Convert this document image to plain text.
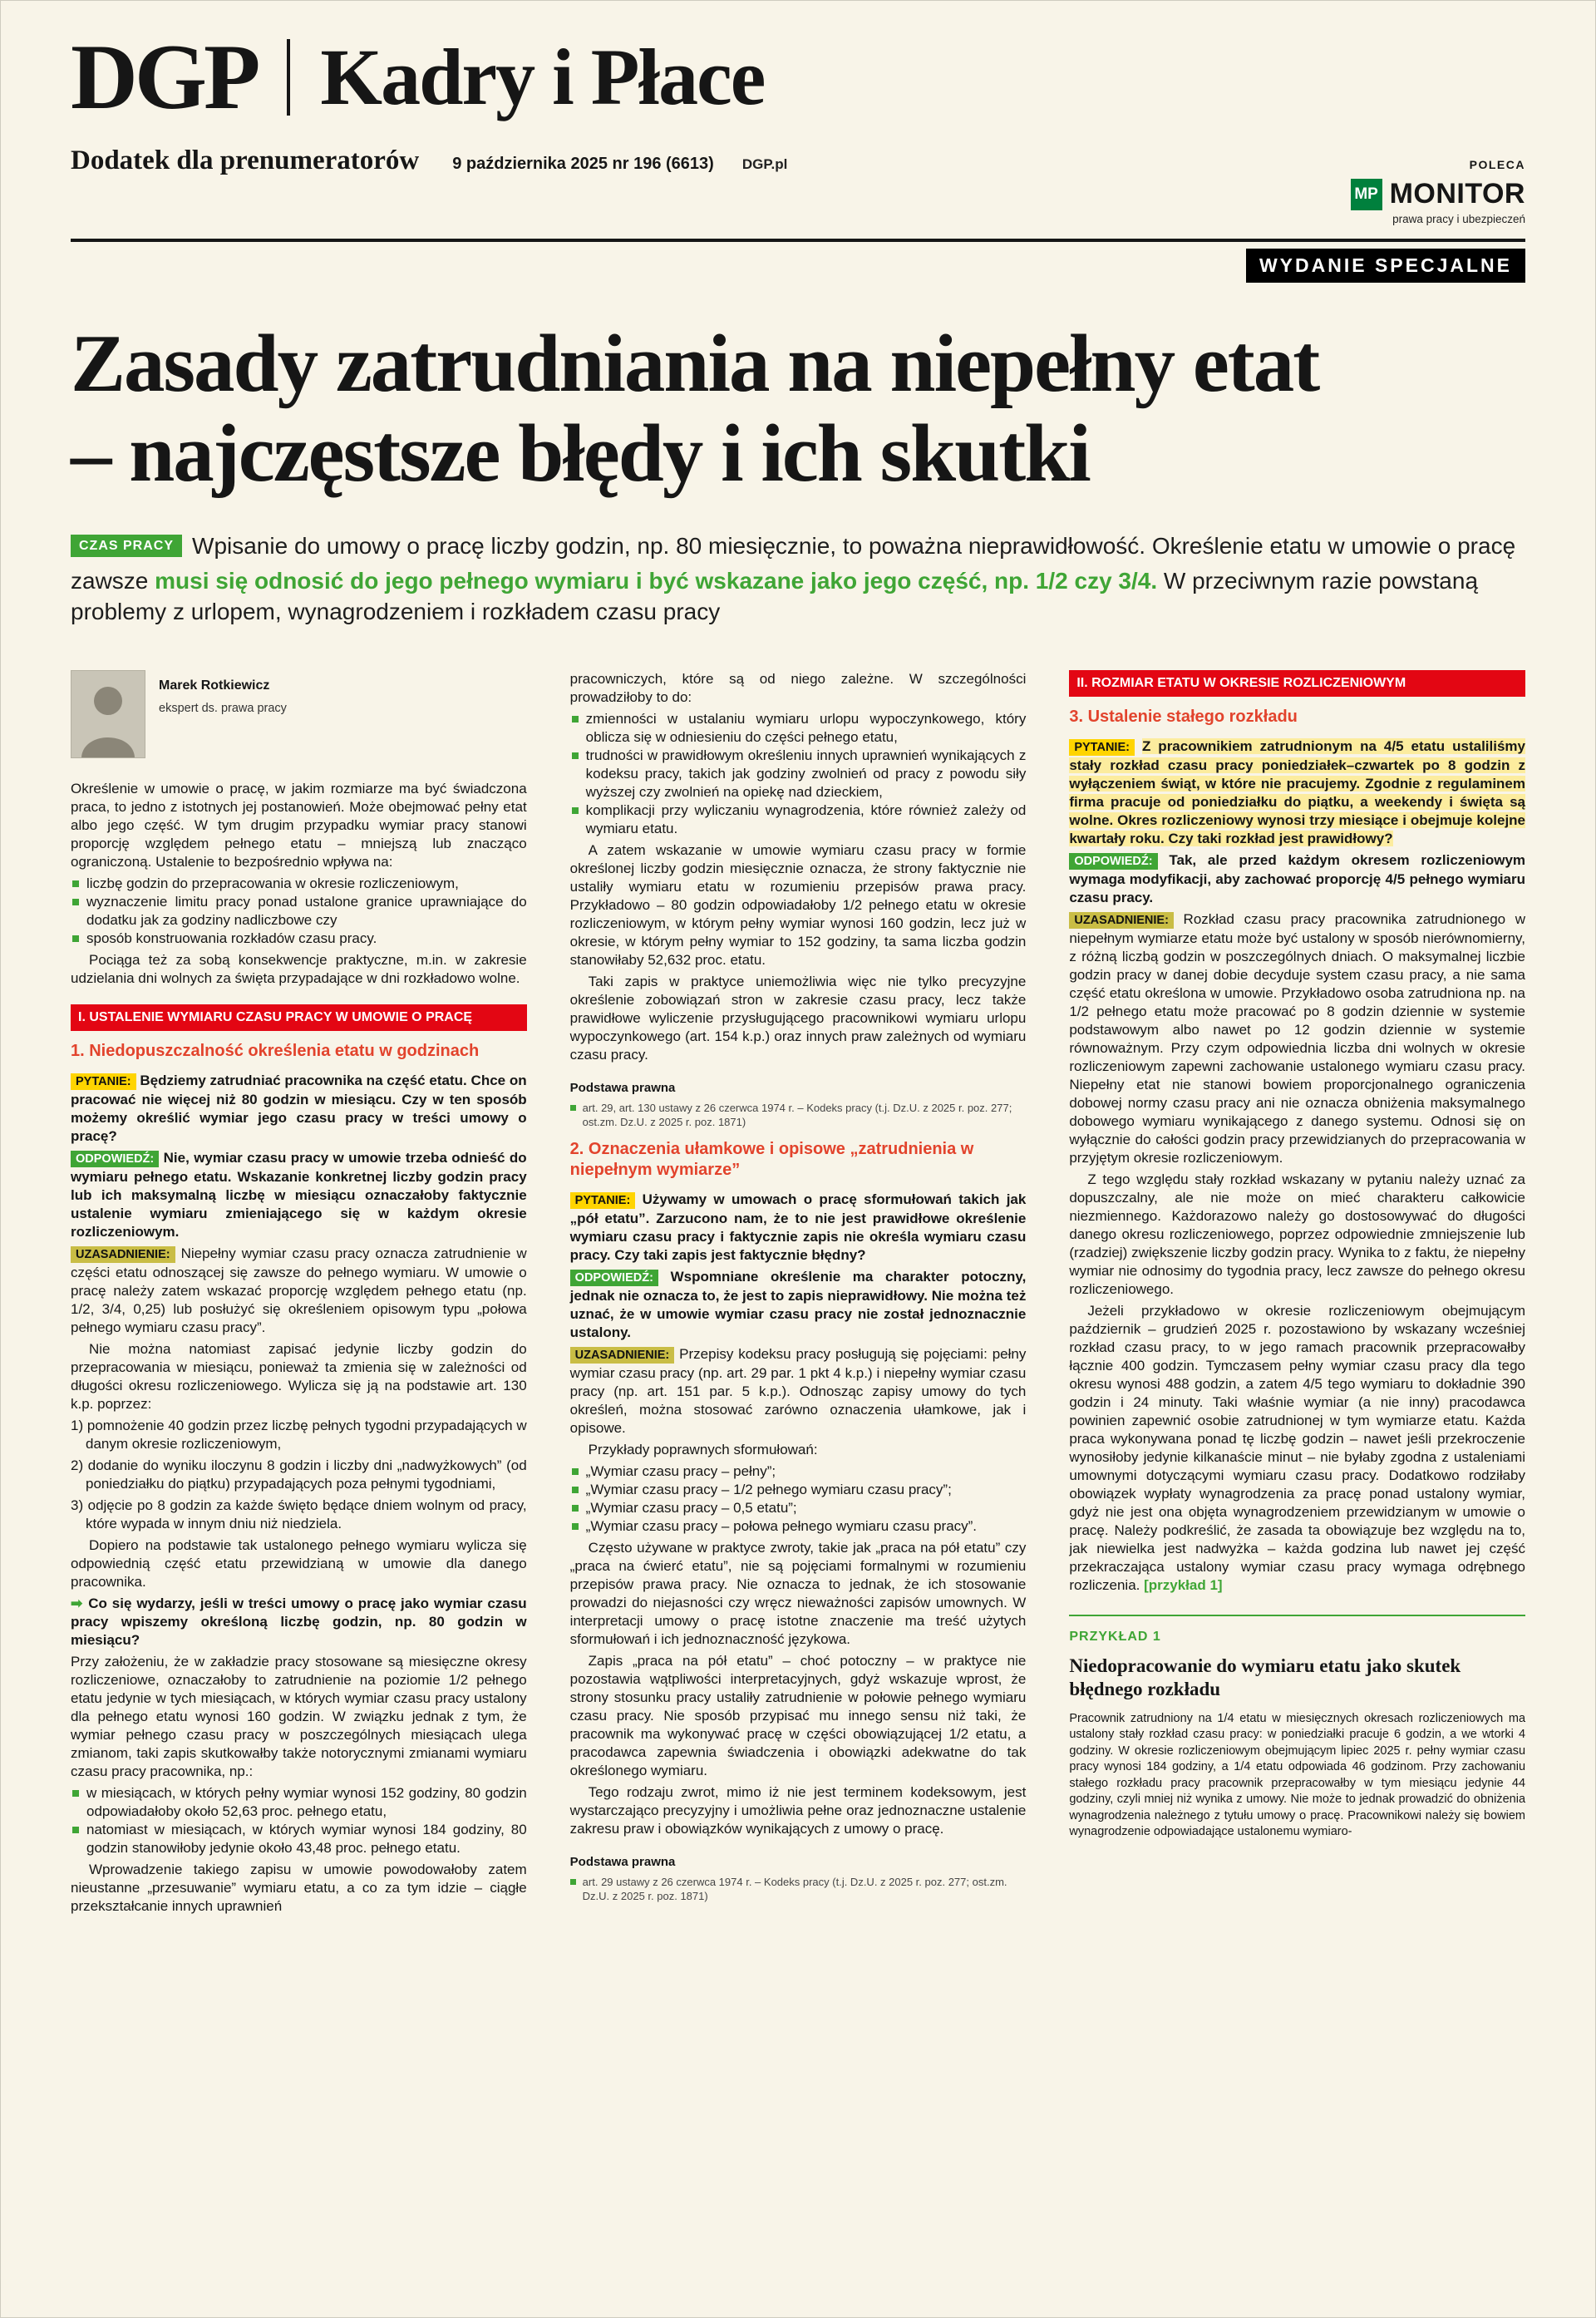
DGP Kadry i Płace
Dodatek dla prenumeratorów 9 października 2025 nr 196 (6613) DGP.pl	POLECA
MP MONITOR
prawa pracy i ubezpieczeń
WYDANIE SPECJALNE
Zasady zatrudniania na niepełny etat
– najczęstsze błędy i ich skutki
CZAS PRACY Wpisanie do umowy o pracę liczby godzin, np. 80 miesięcznie, to poważna nieprawidłowość. Określenie etatu w umowie o pracę zawsze musi się odnosić do jego pełnego wymiaru i być wskazane jako jego część, np. 1/2 czy 3/4. W przeciwnym razie powstaną problemy z urlopem, wynagrodzeniem i rozkładem czasu pracy
Marek Rotkiewicz
ekspert ds. prawa pracy

Określenie w umowie o pracę, w jakim rozmiarze ma być świadczona praca, to jedno z istotnych jej postanowień. Może obejmować pełny etat albo jego część. W tym drugim przypadku wymiar pracy stanowi proporcję względem pełnego etatu – mniejszą lub znacząco ograniczoną. Ustalenie to bezpośrednio wpływa na:

liczbę godzin do przepracowania w okresie rozliczeniowym,
wyznaczenie limitu pracy ponad ustalone granice uprawniające do dodatku jak za godziny nadliczbowe czy
sposób konstruowania rozkładów czasu pracy.

Pociąga też za sobą konsekwencje praktyczne, m.in. w zakresie udzielania dni wolnych za święta przypadające w dni rozkładowo wolne.

I. USTALENIE WYMIARU CZASU PRACY W UMOWIE O PRACĘ
1. Niedopuszczalność określenia etatu w godzinach

PYTANIE: Będziemy zatrudniać pracownika na część etatu. Chce on pracować nie więcej niż 80 godzin w miesiącu. Czy w ten sposób możemy określić wymiar jego czasu pracy w treści umowy o pracę?

ODPOWIEDŹ: Nie, wymiar czasu pracy w umowie trzeba odnieść do wymiaru pełnego etatu. Wskazanie konkretnej liczby godzin pracy lub ich maksymalną liczbę w miesiącu oznaczałoby faktycznie ustalenie wymiaru zmieniającego się w każdym okresie rozliczeniowym.

UZASADNIENIE: Niepełny wymiar czasu pracy oznacza zatrudnienie w części etatu odnoszącej się zawsze do pełnego wymiaru. W umowie o pracę należy zatem wskazać proporcję względem pełnego etatu (np. 1/2, 3/4, 0,25) lub posłużyć się określeniem opisowym typu „połowa pełnego wymiaru czasu pracy”.

Nie można natomiast zapisać jedynie liczby godzin do przepracowania w miesiącu, ponieważ ta zmienia się w zależności od długości okresu rozliczeniowego. Wylicza się ją na podstawie art. 130 k.p. poprzez:

1) pomnożenie 40 godzin przez liczbę pełnych tygodni przypadających w danym okresie rozliczeniowym,

2) dodanie do wyniku iloczynu 8 godzin i liczby dni „nadwyżkowych” (od poniedziałku do piątku) przypadających poza pełnymi tygodniami,

3) odjęcie po 8 godzin za każde święto będące dniem wolnym od pracy, które wypada w innym dniu niż niedziela.

Dopiero na podstawie tak ustalonego pełnego wymiaru wylicza się odpowiednią część etatu przewidzianą w umowie dla danego pracownika.

➡ Co się wydarzy, jeśli w treści umowy o pracę jako wymiar czasu pracy wpiszemy określoną liczbę godzin, np. 80 godzin w miesiącu?

Przy założeniu, że w zakładzie pracy stosowane są miesięczne okresy rozliczeniowe, oznaczałoby to zatrudnienie na poziomie 1/2 pełnego etatu jedynie w tych miesiącach, w których wymiar czasu pracy ustalony dla pełnego etatu wynosi 160 godzin. W związku jednak z tym, że wymiar pełnego czasu pracy w poszczególnych miesiącach ulega zmianom, taki zapis skutkowałby także notorycznymi zmianami wymiaru czasu pracy pracownika, np.:

w miesiącach, w których pełny wymiar wynosi 152 godziny, 80 godzin odpowiadałoby około 52,63 proc. pełnego etatu,
natomiast w miesiącach, w których wymiar wynosi 184 godziny, 80 godzin stanowiłoby jedynie około 43,48 proc. pełnego etatu.

Wprowadzenie takiego zapisu w umowie powodowałoby zatem nieustanne „przesuwanie” wymiaru etatu, a co za tym idzie – ciągłe przekształcanie innych uprawnień

pracowniczych, które są od niego zależne. W szczególności prowadziłoby to do:

zmienności w ustalaniu wymiaru urlopu wypoczynkowego, który oblicza się w odniesieniu do części pełnego etatu,
trudności w prawidłowym określeniu innych uprawnień wynikających z kodeksu pracy, takich jak godziny zwolnień od pracy z powodu siły wyższej czy zwolnień na opiekę nad dzieckiem,
komplikacji przy wyliczaniu wynagrodzenia, które również zależy od wymiaru etatu.

A zatem wskazanie w umowie wymiaru czasu pracy w formie określonej liczby godzin miesięcznie oznacza, że strony faktycznie nie ustaliły wymiaru etatu w rozumieniu przepisów prawa pracy. Przykładowo – 80 godzin odpowiadałoby 1/2 pełnego etatu w okresie rozliczeniowym, w którym pełny wymiar wynosi 160 godzin, lecz już w okresie, w którym pełny wymiar to 152 godziny, ta sama liczba godzin stanowiłaby 52,632 proc. etatu.

Taki zapis w praktyce uniemożliwia więc nie tylko precyzyjne określenie zobowiązań stron w zakresie czasu pracy, lecz także prawidłowe wyliczenie przysługującego pracownikowi wymiaru urlopu wypoczynkowego (art. 154 k.p.) oraz innych praw zależnych od wymiaru czasu pracy.

Podstawa prawna
art. 29, art. 130 ustawy z 26 czerwca 1974 r. – Kodeks pracy (t.j. Dz.U. z 2025 r. poz. 277; ost.zm. Dz.U. z 2025 r. poz. 1871)
2. Oznaczenia ułamkowe i opisowe „zatrudnienia w niepełnym wymiarze”

PYTANIE: Używamy w umowach o pracę sformułowań takich jak „pół etatu”. Zarzucono nam, że to nie jest prawidłowe określenie wymiaru czasu pracy i faktycznie zapis nie określa wymiaru czasu pracy. Czy taki zapis jest faktycznie błędny?

ODPOWIEDŹ: Wspomniane określenie ma charakter potoczny, jednak nie oznacza to, że jest to zapis nieprawidłowy. Nie można też uznać, że w umowie wymiar czasu pracy nie został jednoznacznie ustalony.

UZASADNIENIE: Przepisy kodeksu pracy posługują się pojęciami: pełny wymiar czasu pracy (np. art. 29 par. 1 pkt 4 k.p.) i niepełny wymiar czasu pracy (np. art. 151 par. 5 k.p.). Odnosząc zapisy umowy do tych określeń, można stosować zarówno oznaczenia ułamkowe, jak i opisowe.

Przykłady poprawnych sformułowań:

„Wymiar czasu pracy – pełny”;
„Wymiar czasu pracy – 1/2 pełnego wymiaru czasu pracy”;
„Wymiar czasu pracy – 0,5 etatu”;
„Wymiar czasu pracy – połowa pełnego wymiaru czasu pracy”.

Często używane w praktyce zwroty, takie jak „praca na pół etatu” czy „praca na ćwierć etatu”, nie są pojęciami formalnymi w rozumieniu przepisów prawa pracy. Nie oznacza to jednak, że ich stosowanie prowadzi do niejasności czy wręcz nieważności zapisów umownych. W interpretacji umowy o pracę istotne znaczenie ma treść użytych sformułowań i ich jednoznaczność językowa.

Zapis „praca na pół etatu” – choć potoczny – w praktyce nie pozostawia wątpliwości interpretacyjnych, gdyż wskazuje wprost, że strony stosunku pracy ustaliły zatrudnienie w połowie pełnego wymiaru czasu pracy. Nie sposób przypisać mu innego sensu niż taki, że pracownik ma wykonywać pracę w części obowiązującej 1/2 etatu, a pracodawca zapewnia świadczenia i obowiązki adekwatne do tak określonego wymiaru.

Tego rodzaju zwrot, mimo iż nie jest terminem kodeksowym, jest wystarczająco precyzyjny i umożliwia pełne oraz jednoznaczne ustalenie zakresu praw i obowiązków wynikających z umowy o pracę.

Podstawa prawna
art. 29 ustawy z 26 czerwca 1974 r. – Kodeks pracy (t.j. Dz.U. z 2025 r. poz. 277; ost.zm. Dz.U. z 2025 r. poz. 1871)
II. ROZMIAR ETATU W OKRESIE ROZLICZENIOWYM
3. Ustalenie stałego rozkładu

PYTANIE: Z pracownikiem zatrudnionym na 4/5 etatu ustaliliśmy stały rozkład czasu pracy poniedziałek–czwartek po 8 godzin z wyłączeniem świąt, w które nie pracujemy. Zgodnie z regulaminem firma pracuje od poniedziałku do piątku, a weekendy i święta są wolne. Okres rozliczeniowy wynosi trzy miesiące i obejmuje kolejne kwartały roku. Czy taki rozkład jest prawidłowy?

ODPOWIEDŹ: Tak, ale przed każdym okresem rozliczeniowym wymaga modyfikacji, aby zachować proporcję 4/5 pełnego wymiaru czasu pracy.

UZASADNIENIE: Rozkład czasu pracy pracownika zatrudnionego w niepełnym wymiarze etatu może być ustalony w sposób nierównomierny, z różną liczbą godzin w poszczególnych dniach. O maksymalnej liczbie godzin pracy w danej dobie decyduje system czasu pracy, a nie sama część etatu określona w umowie. Przykładowo osoba zatrudniona np. na 1/2 pełnego etatu może pracować po 8 godzin dziennie w systemie podstawowym albo nawet po 12 godzin dziennie w systemie równoważnym. Przy czym odpowiednia liczba dni wolnych w okresie rozliczeniowym zapewni zachowanie ustalonego wymiaru czasu pracy. Niepełny etat nie stanowi bowiem proporcjonalnego ograniczenia dobowej normy czasu pracy ani nie oznacza obniżenia maksymalnego dobowego wymiaru wynikającego z danego systemu. Odnosi się on wyłącznie do całości godzin pracy przewidzianych do przepracowania w przyjętym okresie rozliczeniowym.

Z tego względu stały rozkład wskazany w pytaniu należy uznać za dopuszczalny, ale nie może on mieć charakteru całkowicie niezmiennego. Każdorazowo należy go dostosowywać do długości danego okresu rozliczeniowego, poprzez odpowiednie zmniejszenie lub (rzadziej) zwiększenie liczby godzin pracy. Wynika to z faktu, że niepełny wymiar nie odnosimy do tygodnia pracy, lecz zawsze do pełnego okresu rozliczeniowego.

Jeżeli przykładowo w okresie rozliczeniowym obejmującym październik – grudzień 2025 r. pozostawiono by wskazany wcześniej rozkład czasu pracy, to w jego ramach pracownik przepracowałby łącznie 400 godzin. Tymczasem pełny wymiar czasu pracy dla tego okresu wynosi 488 godzin, a zatem 4/5 tego wymiaru to dokładnie 390 godzin i 24 minuty. Taki właśnie wymiar (a nie inny) pracodawca powinien zapewnić osobie zatrudnionej w tym wymiarze etatu. Każda praca wykonywana ponad tę liczbę godzin – nawet jeśli przekroczenie wynosiłoby jedynie kilkanaście minut – nie byłaby zgodna z ustaleniami umownymi dotyczącymi wymiaru czasu pracy. Dodatkowo rodziłaby obowiązek wypłaty wynagrodzenia za pracę ponad ustalony wymiar, gdyż nie jest ona objęta wynagrodzeniem przewidzianym w umowie o pracę. Należy podkreślić, że zasada ta obowiązuje bez względu na to, jak niewielka jest nadwyżka – każda godzina lub nawet jej część przekraczająca ustalony wymiar czasu pracy wymaga odrębnego rozliczenia. [przykład 1]

PRZYKŁAD 1
Niedopracowanie do wymiaru etatu jako skutek błędnego rozkładu
Pracownik zatrudniony na 1/4 etatu w miesięcznych okresach rozliczeniowych ma ustalony stały rozkład czasu pracy: w poniedziałki pracuje 6 godzin, a we wtorki 4 godziny. W okresie rozliczeniowym obejmującym lipiec 2025 r. pełny wymiar czasu pracy wynosi 184 godziny, a 1/4 etatu odpowiada 46 godzinom. Przy zachowaniu stałego rozkładu pracy pracownik przepracowałby w tym miesiącu jedynie 44 godziny, czyli mniej niż wynika z umowy. Nie może to jednak prowadzić do obniżenia wynagrodzenia należnego z tytułu umowy o pracę. Pracownikowi należy się bowiem wynagrodzenie odpowiadające ustalonemu wymiaro-
